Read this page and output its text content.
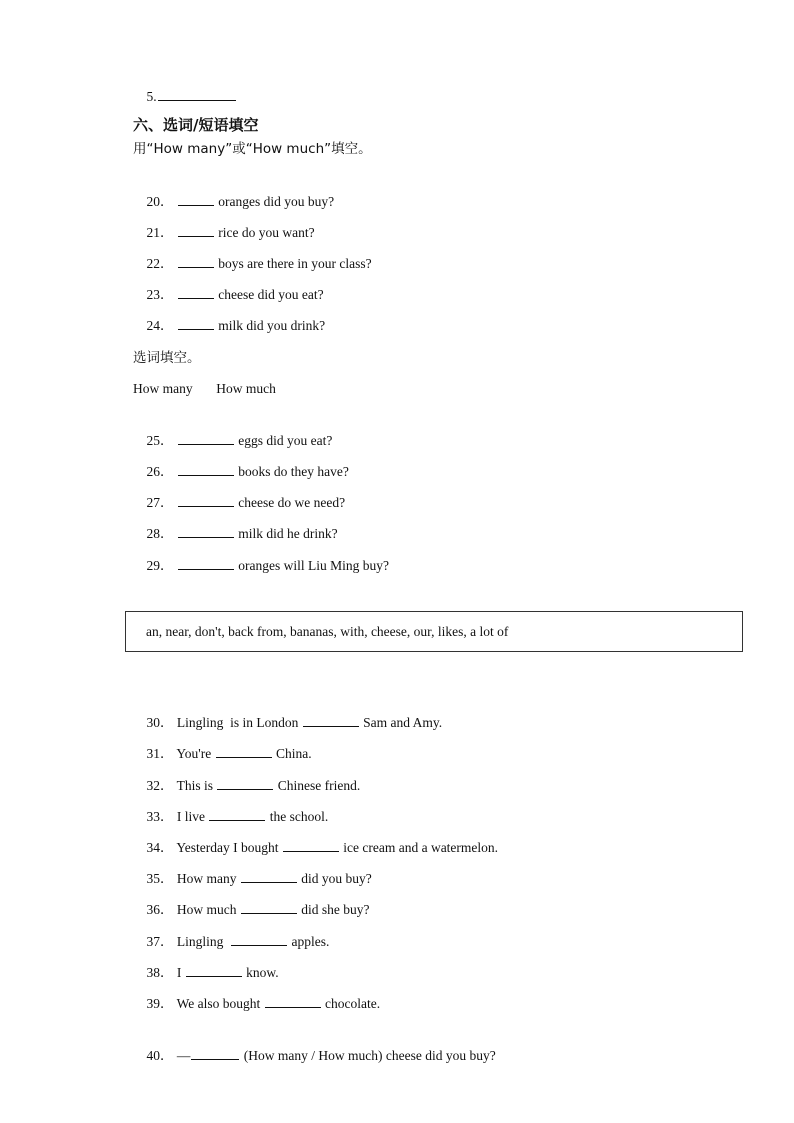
5.

六、选词/短语填空
用“How many”或“How much”填空。

20．	oranges did you buy?

21．	rice do you want?

22．	boys are there in your class?

23．	cheese did you eat?

24．	milk did you drink?

选词填空。
How many       How much

25．	eggs did you eat?

26．	books do they have?

27．	cheese do we need?

28．	milk did he drink?

29．	oranges will Liu Ming buy?

an, near, don't, back from, bananas, with, cheese, our, likes, a lot of

30． Lingling  is in London	Sam and Amy.

31． You're	China.

32． This is	Chinese friend.

33． I live	the school.

34． Yesterday I bought	ice cream and a watermelon.

35． How many	did you buy?

36． How much	did she buy?

37． Lingling	apples.

38． I	know.

39． We also bought	chocolate.

40． —	(How many / How much) cheese did you buy?
